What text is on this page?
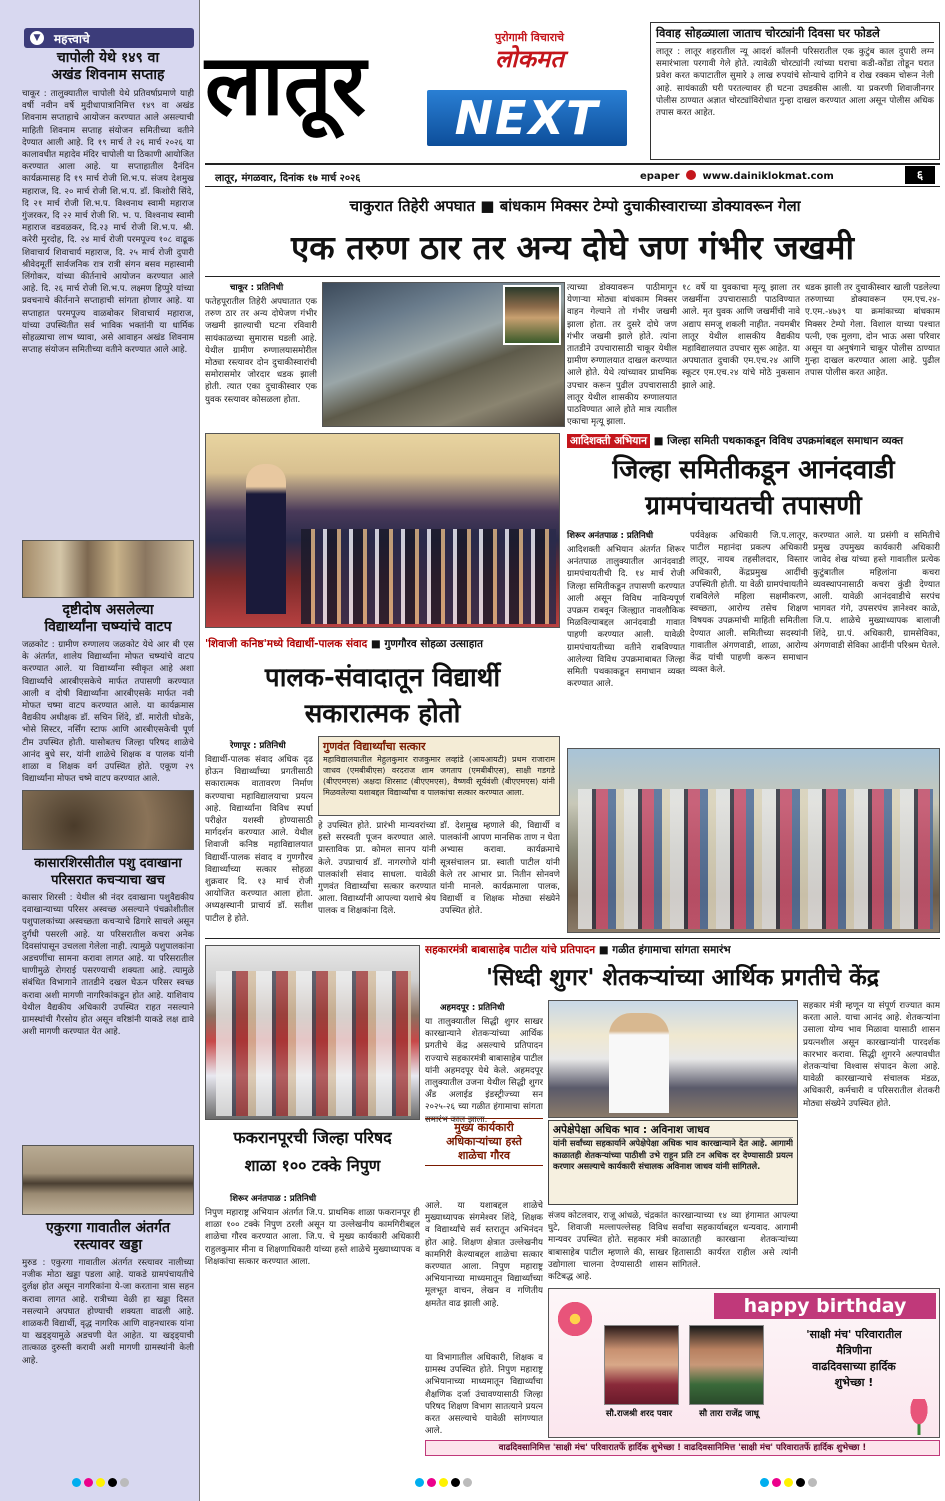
▼ महत्त्वाचे
चापोली येथे १४९ वा
अखंड शिवनाम सप्ताह
चाकूर : तालुक्यातील चापोली येथे प्रतिवर्षाप्रमाणे याही वर्षी नवीन वर्षे मुदीधापात्रानिमित्त १४९ वा अखंड शिवनाम सप्ताहाचे आयोजन करण्यात आले असल्याची माहिती शिवनाम सप्ताह संयोजन समितीच्या वतीने देण्यात आली आहे. दि १९ मार्च ते २६ मार्च २०२६ या कालावधीत महादेव मंदिर चापोली या ठिकाणी आयोजित करण्यात आला आहे. या सप्ताहातील दैनंदिन कार्यक्रमासह दि १९ मार्च रोजी शि.भ.प. संजय देशमुख महाराज, दि. २० मार्च रोजी शि.भ.प. डॉ. किशोरी सिंदे, दि २१ मार्च रोजी शि.भ.प. विश्वनाथ स्वामी महाराज गुंजरकर, दि २२ मार्च रोजी शि. भ. प. विश्वनाथ स्वामी महाराज वडवळकर, दि.२३ मार्च रोजी शि.भ.प. श्री. करेरी मुरदोह, दि. २४ मार्च रोजी परमपूज्य १०८ वाढूक शिवाचार्य शिवाचार्य महाराज, दि. २५ मार्च रोजी दुपारी श्रीवेदमूर्ती सार्वजनिक रात्र रात्री संगन बसव महास्वामी लिंगोकर, यांच्या कीर्तनाचे आयोजन करण्यात आले आहे. दि. २६ मार्च रोजी शि.भ.प. लक्ष्मण हिप्पुरे यांच्या प्रवचनाचे कीर्तनाने सप्ताहाची सांगता होणार आहे. या सप्ताहात परमपूज्य वाळबोकर शिवाचार्य महाराज, यांच्या उपस्थितीत सर्व भाविक भक्तांनी या धार्मिक सोहळ्याचा लाभ घ्यावा, असे आवाहन अखंड शिवनाम सप्ताह संयोजन समितीच्या वतीने करण्यात आले आहे.
दृष्टीदोष असलेल्या
विद्यार्थ्यांना चष्म्यांचे वाटप
जळकोट : ग्रामीण रुग्णालय जळकोट येथे आर बी एस के अंतर्गत, शालेय विद्यार्थ्यांना मोफत चष्म्यांचे वाटप करण्यात आले. या विद्यार्थ्यांना स्वीकृत आहे अशा विद्यार्थ्यांचे आरबीएसकेचे मार्फत तपासणी करण्यात आली व दोषी विद्यार्थ्यांना आरबीएसके मार्फत नवी मोफत चष्मा वाटप करण्यात आले. या कार्यक्रमास वैद्यकीय अधीक्षक डॉ. सचिन शिंदे, डॉ. मारोती घोडके, भोसे सिस्टर, नर्सिंग स्टाफ आणि आरबीएसकेची पूर्ण टीम उपस्थित होती. यासोबतच जिल्हा परिषद शाळेचे आनंद बुधे सर, यांनी शाळेचे शिक्षक व पालक यांनी शाळा व शिक्षक वर्ग उपस्थित होते. एकूण २९ विद्यार्थ्यांना मोफत चष्मे वाटप करण्यात आले.
कासारशिरसीतील पशु दवाखाना
परिसरात कचऱ्याचा खच
कासार शिरसी : येथील श्री नंदर दवाखाना पशुवैद्यकीय दवाखान्याच्या परिसर अस्वच्छ असल्याने पंचक्रोशीतील पशुपालकांच्या अस्वच्छता कचऱ्याचे ढिगारे साचले असून दुर्गंधी पसरली आहे. या परिसरातील कचरा अनेक दिवसांपासून उचलला गेलेला नाही. त्यामुळे पशुपालकांना अडचणींचा सामना करावा लागत आहे. या परिसरातील घाणीमुळे रोगराई पसरण्याची शक्यता आहे. त्यामुळे संबंधित विभागाने तातडीने दखल घेऊन परिसर स्वच्छ करावा अशी मागणी नागरिकांकडून होत आहे. याशिवाय येथील वैद्यकीय अधिकारी उपस्थित राहत नसल्याने ग्रामस्थांची गैरसोय होत असून वरिष्ठांनी याकडे लक्ष द्यावे अशी मागणी करण्यात येत आहे.
एकुरगा गावातील अंतर्गत
रस्त्यावर खड्डा
मुरुड : एकुरगा गावातील अंतर्गत रस्त्यावर नालीच्या नजीक मोठा खड्डा पडला आहे. याकडे ग्रामपंचायतीचे दुर्लक्ष होत असून नागरिकांना ये-जा करताना त्रास सहन करावा लागत आहे. रात्रीच्या वेळी हा खड्डा दिसत नसल्याने अपघात होण्याची शक्यता वाढली आहे. शाळकरी विद्यार्थी, वृद्ध नागरिक आणि वाहनधारक यांना या खड्ड्यामुळे अडचणी येत आहेत. या खड्ड्याची तात्काळ दुरुस्ती करावी अशी मागणी ग्रामस्थांनी केली आहे.
लातूर	पुरोगामी विचाराचे
लोकमत
NEXT
लातूर, मंगळवार, दिनांक १७ मार्च २०२६	epaper www.dainiklokmat.com	६
विवाह सोहळ्याला जाताच चोरट्यांनी दिवसा घर फोडले
लातूर : लातूर शहरातील न्यू आदर्श कॉलनी परिसरातील एक कुटुंब काल दुपारी लग्न समारंभाला परगावी गेले होते. त्यावेळी चोरट्यांनी त्यांच्या घराचा कडी-कोंडा तोडून घरात प्रवेश करत कपाटातील सुमारे ३ लाख रुपयांचे सोन्याचे दागिने व रोख रक्कम चोरून नेली आहे. सायंकाळी घरी परतल्यावर ही घटना उघडकीस आली. या प्रकरणी शिवाजीनगर पोलीस ठाण्यात अज्ञात चोरट्यांविरोधात गुन्हा दाखल करण्यात आला असून पोलीस अधिक तपास करत आहेत.
चाकुरात तिहेरी अपघात ■ बांधकाम मिक्सर टेम्पो दुचाकीस्वाराच्या डोक्यावरून गेला
एक तरुण ठार तर अन्य दोघे जण गंभीर जखमी
चाकूर : प्रतिनिधी
फतेहपूरातील तिहेरी अपघातात एक तरुण ठार तर अन्य दोघेजण गंभीर जखमी झाल्याची घटना रविवारी सायंकाळच्या सुमारास घडली आहे. येथील ग्रामीण रुग्णालयासमोरील मोठ्या रस्त्यावर दोन दुचाकीस्वारांची समोरासमोर जोरदार धडक झाली होती. त्यात एका दुचाकीस्वार एक युवक रस्त्यावर कोसळला होता.
त्याच्या डोक्यावरून पाठीमागून येणाऱ्या मोठ्या बांधकाम मिक्सर वाहन गेल्याने तो गंभीर जखमी झाला होता. तर दुसरे दोघे जण गंभीर जखमी झाले होते. त्यांना तातडीने उपचारासाठी चाकूर येथील ग्रामीण रुग्णालयात दाखल करण्यात आले होते. येथे त्यांच्यावर प्राथमिक उपचार करून पुढील उपचारासाठी लातूर येथील शासकीय रुग्णालयात पाठविण्यात आले होते मात्र त्यातील एकाचा मृत्यू झाला.
१८ वर्षे या युवकाचा मृत्यू झाला तर जखमींना उपचारासाठी पाठविण्यात आले. मृत युवक आणि जखमींची नावे अद्याप समजू शकली नाहीत. नयमबीर लातूर येथील शासकीय वैद्यकीय महाविद्यालयात उपचार सुरू आहेत. या अपघातात दुचाकी एम.एच.२४ आणि स्कूटर एम.एच.२४ यांचे मोठे नुकसान झाले आहे.
धडक झाली तर दुचाकीस्वार खाली पडलेल्या तरुणाच्या डोक्यावरून एम.एच.२४-ए.एम.-४७३९ या क्रमांकाच्या बांधकाम मिक्सर टेम्पो गेला. विशाल याच्या पश्चात पत्नी, एक मुलगा, दोन भाऊ असा परिवार असून या अनुषंगाने चाकूर पोलीस ठाण्यात गुन्हा दाखल करण्यात आला आहे. पुढील तपास पोलीस करत आहेत.
आदिशक्ती अभियान ■ जिल्हा समिती पथकाकडून विविध उपक्रमांबद्दल समाधान व्यक्त
जिल्हा समितीकडून आनंदवाडी
ग्रामपंचायतची तपासणी
शिरूर अनंतपाळ : प्रतिनिधी
आदिशक्ती अभियान अंतर्गत शिरूर अनंतपाळ तालुक्यातील आनंदवाडी ग्रामपंचायतीची दि. १४ मार्च रोजी जिल्हा समितीकडून तपासणी करण्यात आली असून विविध नाविन्यपूर्ण उपक्रम राबवून जिल्ह्यात नावलौकिक मिळविल्याबद्दल आनंदवाडी गावात पाहणी करण्यात आली. यावेळी ग्रामपंचायतीच्या वतीने राबविण्यात आलेल्या विविध उपक्रमाबाबत जिल्हा समिती पथकाकडून समाधान व्यक्त करण्यात आले.
पर्यवेक्षक अधिकारी जि.प.लातूर, पाटील महानंदा प्रकल्प अधिकारी लातूर, नायब तहसीलदार, विस्तार अधिकारी, केंद्रप्रमुख आदींची उपस्थिती होती. या वेळी ग्रामपंचायतीने राबविलेले महिला सक्षमीकरण, स्वच्छता, आरोग्य तसेच शिक्षण विषयक उपक्रमांची माहिती समितीला देण्यात आली. समितीच्या सदस्यांनी गावातील अंगणवाडी, शाळा, आरोग्य केंद्र यांची पाहणी करून समाधान व्यक्त केले.
करण्यात आले. या प्रसंगी व समितीचे प्रमुख उपमुख्य कार्यकारी अधिकारी जावेद शेख यांच्या हस्ते गावातील प्रत्येक कुटुंबातील महिलांना कचरा व्यवस्थापनासाठी कचरा कुंडी देण्यात आली. यावेळी आनंदवाडीचे सरपंच भागवत गंगे, उपसरपंच ज्ञानेश्वर काळे, जि.प. शाळेचे मुख्याध्यापक बालाजी शिंदे, ग्रा.पं. अधिकारी, ग्रामसेविका, अंगणवाडी सेविका आदींनी परिश्रम घेतले.
'शिवाजी कनिष्ठ'मध्ये विद्यार्थी-पालक संवाद ■ गुणगौरव सोहळा उत्साहात
पालक-संवादातून विद्यार्थी
सकारात्मक होतो
रेणापूर : प्रतिनिधी
विद्यार्थी-पालक संवाद अधिक दृढ होऊन विद्यार्थ्यांच्या प्रगतीसाठी सकारात्मक वातावरण निर्माण करण्याचा महाविद्यालयाचा प्रयत्न आहे. विद्यार्थ्यांना विविध स्पर्धा परीक्षेत यशस्वी होण्यासाठी मार्गदर्शन करण्यात आले. येथील शिवाजी कनिष्ठ महाविद्यालयात विद्यार्थी-पालक संवाद व गुणगौरव विद्यार्थ्यांच्या सत्कार सोहळा शुक्रवार दि. १३ मार्च रोजी आयोजित करण्यात आला होता. अध्यक्षस्थानी प्राचार्य डॉ. सतीश पाटील हे होते.
गुणवंत विद्यार्थ्यांचा सत्कार
महाविद्यालयातील मेहुलकुमार राजकुमार लव्हांडे (आयआयटी) प्रथम राजाराम जाधव (एमबीबीएस) वरदराज शाम जगताप (एमबीबीएस), साक्षी गडगडे (बीएएमएस) अक्षदा शिरसाट (बीएएमएस), वैष्णवी सूर्यवंशी (बीएएमएस) यांनी मिळवलेल्या यशाबद्दल विद्यार्थ्यांचा व पालकांचा सत्कार करण्यात आला.
हे उपस्थित होते. प्रारंभी मान्यवरांच्या हस्ते सरस्वती पूजन करण्यात आले. प्रास्ताविक प्रा. कोमल सानप यांनी केले. उपप्राचार्य डॉ. नागरगोजे यांनी पालकांशी संवाद साधला. यावेळी गुणवंत विद्यार्थ्यांचा सत्कार करण्यात आला. विद्यार्थ्यांनी आपल्या यशाचे श्रेय पालक व शिक्षकांना दिले.
डॉ. देशमुख म्हणाले की, विद्यार्थी व पालकांनी आपण मानसिक ताण न घेता अभ्यास करावा. कार्यक्रमाचे सूत्रसंचालन प्रा. स्वाती पाटील यांनी केले तर आभार प्रा. नितीन सोनवणे यांनी मानले. कार्यक्रमाला पालक, विद्यार्थी व शिक्षक मोठ्या संख्येने उपस्थित होते.
सहकारमंत्री बाबासाहेब पाटील यांचे प्रतिपादन ■ गळीत हंगामाचा सांगता समारंभ
'सिध्दी शुगर' शेतकऱ्यांच्या आर्थिक प्रगतीचे केंद्र
अहमदपूर : प्रतिनिधी
या तालुक्यातील सिद्धी शुगर साखर कारखान्याने शेतकऱ्यांच्या आर्थिक प्रगतीचे केंद्र असल्याचे प्रतिपादन राज्याचे सहकारमंत्री बाबासाहेब पाटील यांनी अहमदपूर येथे केले. अहमदपूर तालुक्यातील उजना येथील सिद्धी शुगर अँड अलाईड इंडस्ट्रीज्च्या सन २०२५-२६ च्या गळीत हंगामाचा सांगता समारंभ काल झाला.
अपेक्षेपेक्षा अधिक भाव : अविनाश जाधव
यांनी सर्वांच्या सहकार्याने अपेक्षेपेक्षा अधिक भाव कारखान्याने देत आहे. आगामी काळातही शेतकऱ्यांच्या पाठीशी उभे राहून प्रति टन अधिक दर देण्यासाठी प्रयत्न करणार असल्याचे कार्यकारी संचालक अविनाश जाधव यांनी सांगितले.
संजय कोटलवार, राजू आंधळे, चंद्रकांत घुटे, शिवाजी मल्लापल्लेसह विविध मान्यवर उपस्थित होते. सहकार मंत्री बाबासाहेब पाटील म्हणाले की, साखर उद्योगाला चालना देण्यासाठी शासन कटिबद्ध आहे.
कारखान्याच्या १४ व्या हंगामात आपल्या सर्वांचा सहकार्याबद्दल धन्यवाद. आगामी काळातही कारखाना शेतकऱ्यांच्या हितासाठी कार्यरत राहील असे त्यांनी सांगितले.
सहकार मंत्री म्हणून या संपूर्ण राज्यात काम करता आले. याचा आनंद आहे. शेतकऱ्यांना उसाला योग्य भाव मिळावा यासाठी शासन प्रयत्नशील असून कारखान्यांनी पारदर्शक कारभार करावा. सिद्धी शुगरने अल्पावधीत शेतकऱ्यांचा विश्वास संपादन केला आहे. यावेळी कारखान्याचे संचालक मंडळ, अधिकारी, कर्मचारी व परिसरातील शेतकरी मोठ्या संख्येने उपस्थित होते.
फकरानपूरची जिल्हा परिषद
शाळा १०० टक्के निपुण
मुख्य कार्यकारी
अधिकाऱ्यांच्या हस्ते
शाळेचा गौरव
शिरूर अनंतपाळ : प्रतिनिधी
निपुण महाराष्ट्र अभियान अंतर्गत जि.प. प्राथमिक शाळा फकरानपूर ही शाळा १०० टक्के निपुण ठरली असून या उल्लेखनीय कामगिरीबद्दल शाळेचा गौरव करण्यात आला. जि.प. चे मुख्य कार्यकारी अधिकारी राहुलकुमार मीना व शिक्षणाधिकारी यांच्या हस्ते शाळेचे मुख्याध्यापक व शिक्षकांचा सत्कार करण्यात आला.
आले. या यशाबद्दल शाळेचे मुख्याध्यापक संगमेश्वर शिंदे, शिक्षक व विद्यार्थ्यांचे सर्व स्तरातून अभिनंदन होत आहे. शिक्षण क्षेत्रात उल्लेखनीय कामगिरी केल्याबद्दल शाळेचा सत्कार करण्यात आला. निपुण महाराष्ट्र अभियानाच्या माध्यमातून विद्यार्थ्यांच्या मूलभूत वाचन, लेखन व गणितीय क्षमतेत वाढ झाली आहे.
या विभागातील अधिकारी, शिक्षक व ग्रामस्थ उपस्थित होते. निपुण महाराष्ट्र अभियानाच्या माध्यमातून विद्यार्थ्यांचा शैक्षणिक दर्जा उंचावण्यासाठी जिल्हा परिषद शिक्षण विभाग सातत्याने प्रयत्न करत असल्याचे यावेळी सांगण्यात आले.
happy birthday
सौ.राजश्री शरद पवार	सौ तारा राजेंद्र जाधू
'साक्षी मंच' परिवारातील
मैत्रिणीना
वाढदिवसाच्या हार्दिक
शुभेच्छा !
वाढदिवसानिमित्त 'साक्षी मंच' परिवारातर्फे हार्दिक शुभेच्छा ! वाढदिवसानिमित्त 'साक्षी मंच' परिवारातर्फे हार्दिक शुभेच्छा !
